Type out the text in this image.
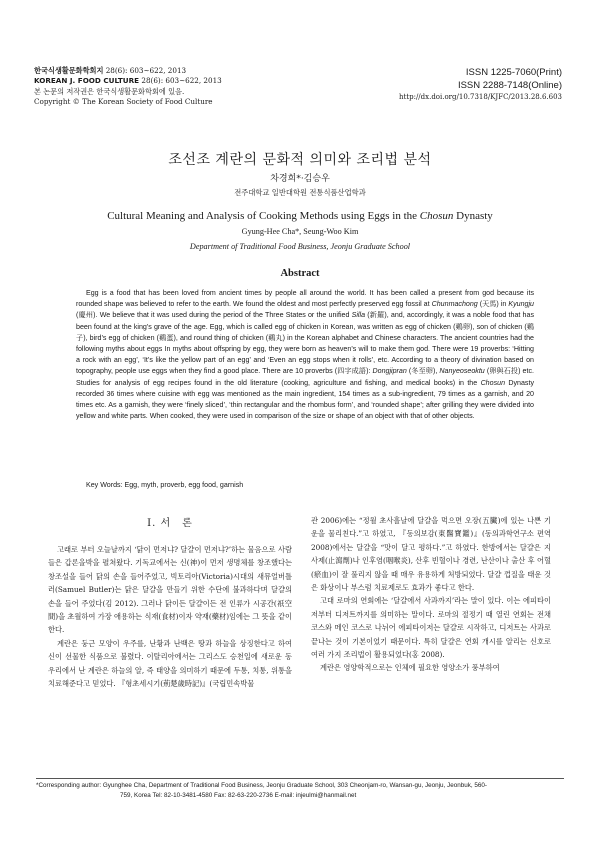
한국식생활문화학회지 28(6): 603~622, 2013
KOREAN J. FOOD CULTURE 28(6): 603~622, 2013
본 논문의 저작권은 한국식생활문화학회에 있음.
Copyright © The Korean Society of Food Culture
ISSN 1225-7060(Print)
ISSN 2288-7148(Online)
http://dx.doi.org/10.7318/KJFC/2013.28.6.603
조선조 계란의 문화적 의미와 조리법 분석
차경희*·김승우
전주대학교 일반대학원 전통식품산업학과
Cultural Meaning and Analysis of Cooking Methods using Eggs in the Chosun Dynasty
Gyung-Hee Cha*, Seung-Woo Kim
Department of Traditional Food Business, Jeonju Graduate School
Abstract
Egg is a food that has been loved from ancient times by people all around the world. It has been called a present from god because its rounded shape was believed to refer to the earth. We found the oldest and most perfectly preserved egg fossil at Chunmachong (天馬) in Kyungju (慶州). We believe that it was used during the period of the Three States or the unified Silla (新羅), and, accordingly, it was a noble food that has been found at the king’s grave of the age. Egg, which is called egg of chicken in Korean, was written as egg of chicken (鷄卵), son of chicken (鷄子), bird’s egg of chicken (鷄蛋), and round thing of chicken (鷄丸) in the Korean alphabet and Chinese characters. The ancient countries had the following myths about eggs In myths about offspring by egg, they were born as heaven’s will to make them god. There were 19 proverbs: ‘Hitting a rock with an egg’, ‘It’s like the yellow part of an egg’ and ‘Even an egg stops when it rolls’, etc. According to a theory of divination based on topography, people use eggs when they find a good place. There are 10 proverbs (四字成語): Dongjipran (冬至卵), Nanyeoseoktu (卵與石投) etc. Studies for analysis of egg recipes found in the old literature (cooking, agriculture and fishing, and medical books) in the Chosun Dynasty recorded 36 times where cuisine with egg was mentioned as the main ingredient, 154 times as a sub-ingredient, 79 times as a garnish, and 20 times etc. As a garnish, they were ‘finely sliced’, ‘thin rectangular and the rhombus form’, and ‘rounded shape’; after grilling they were divided into yellow and white parts. When cooked, they were used in comparison of the size or shape of an object with that of other objects.
Key Words: Egg, myth, proverb, egg food, garnish
Ⅰ. 서　론

고래로 부터 오늘날까지 ‘닭이 먼저냐? 달걀이 먼저냐?’하는 물음으로 사람들은 갑론을박을 펼쳐왔다. 기독교에서는 신(神)이 먼저 생명체를 창조했다는 창조설을 들어 닭의 손을 들어주었고, 빅토리아(Victoria)시대의 새뮤얼버틀러(Samuel Butler)는 닭은 달걀을 만들기 위한 수단에 불과하다며 달걀의 손을 들어 주었다(김 2012). 그러나 닭이든 달걀이든 전 인류가 시공간(祇空間)을 초월하여 가장 애용하는 식재(食材)이자 약재(藥材)임에는 그 뜻을 같이한다.

계란은 둥근 모양이 우주를, 난황과 난백은 땅과 하늘을 상징한다고 하여 신이 선물한 식품으로 불렸다. 이탈리아에서는 그리스도 승천일에 새로운 동우리에서 난 계란은 하늘의 알, 즉 태양을 의미하기 때문에 두통, 치통, 위통을 치료해준다고 믿었다. 『형초세시기(荊楚歲時記)』(국립민속박물

관 2006)에는 “정월 초사흘날에 달걀을 먹으면 오장(五臟)에 있는 나쁜 기운을 물리친다.”고 하였고, 『동의보감(東醫寶鑑)』(동의과학연구소 편역 2008)에서는 달걀을 “맛이 달고 평하다.”고 하였다. 한방에서는 달걀은 지사제(止瀉劑)나 인후염(咽喉炎), 산후 빈혈이나 경련, 난산이나 출산 후 어혈(瘀血)이 잘 풀리지 않을 때 매우 유용하게 처방되었다. 달걀 껍질을 태운 것은 화상이나 부스럼 치료제로도 효과가 좋다고 한다.

고대 로마의 연회에는 ‘달걀에서 사과까지’라는 말이 있다. 이는 에피타이저부터 디저트까지를 의미하는 말이다. 로마의 절정기 때 열린 연회는 전채코스와 메인 코스로 나뉘어 에피타이저는 달걀로 시작하고, 디저트는 사과로 끝나는 것이 기본이었기 때문이다. 특히 달걀은 연회 개시를 알리는 신호로 여러 가지 조리법이 활용되었다(홍 2008).

계란은 영양학적으로는 인체에 필요한 영양소가 풍부하여

*Corresponding author: Gyunghee Cha, Department of Traditional Food Business, Jeonju Graduate School, 303 Cheonjam-ro, Wansan-gu, Jeonju, Jeonbuk, 560-
759, Korea Tel: 82-10-3481-4580 Fax: 82-63-220-2736 E-mail: injeulmi@hanmail.net
